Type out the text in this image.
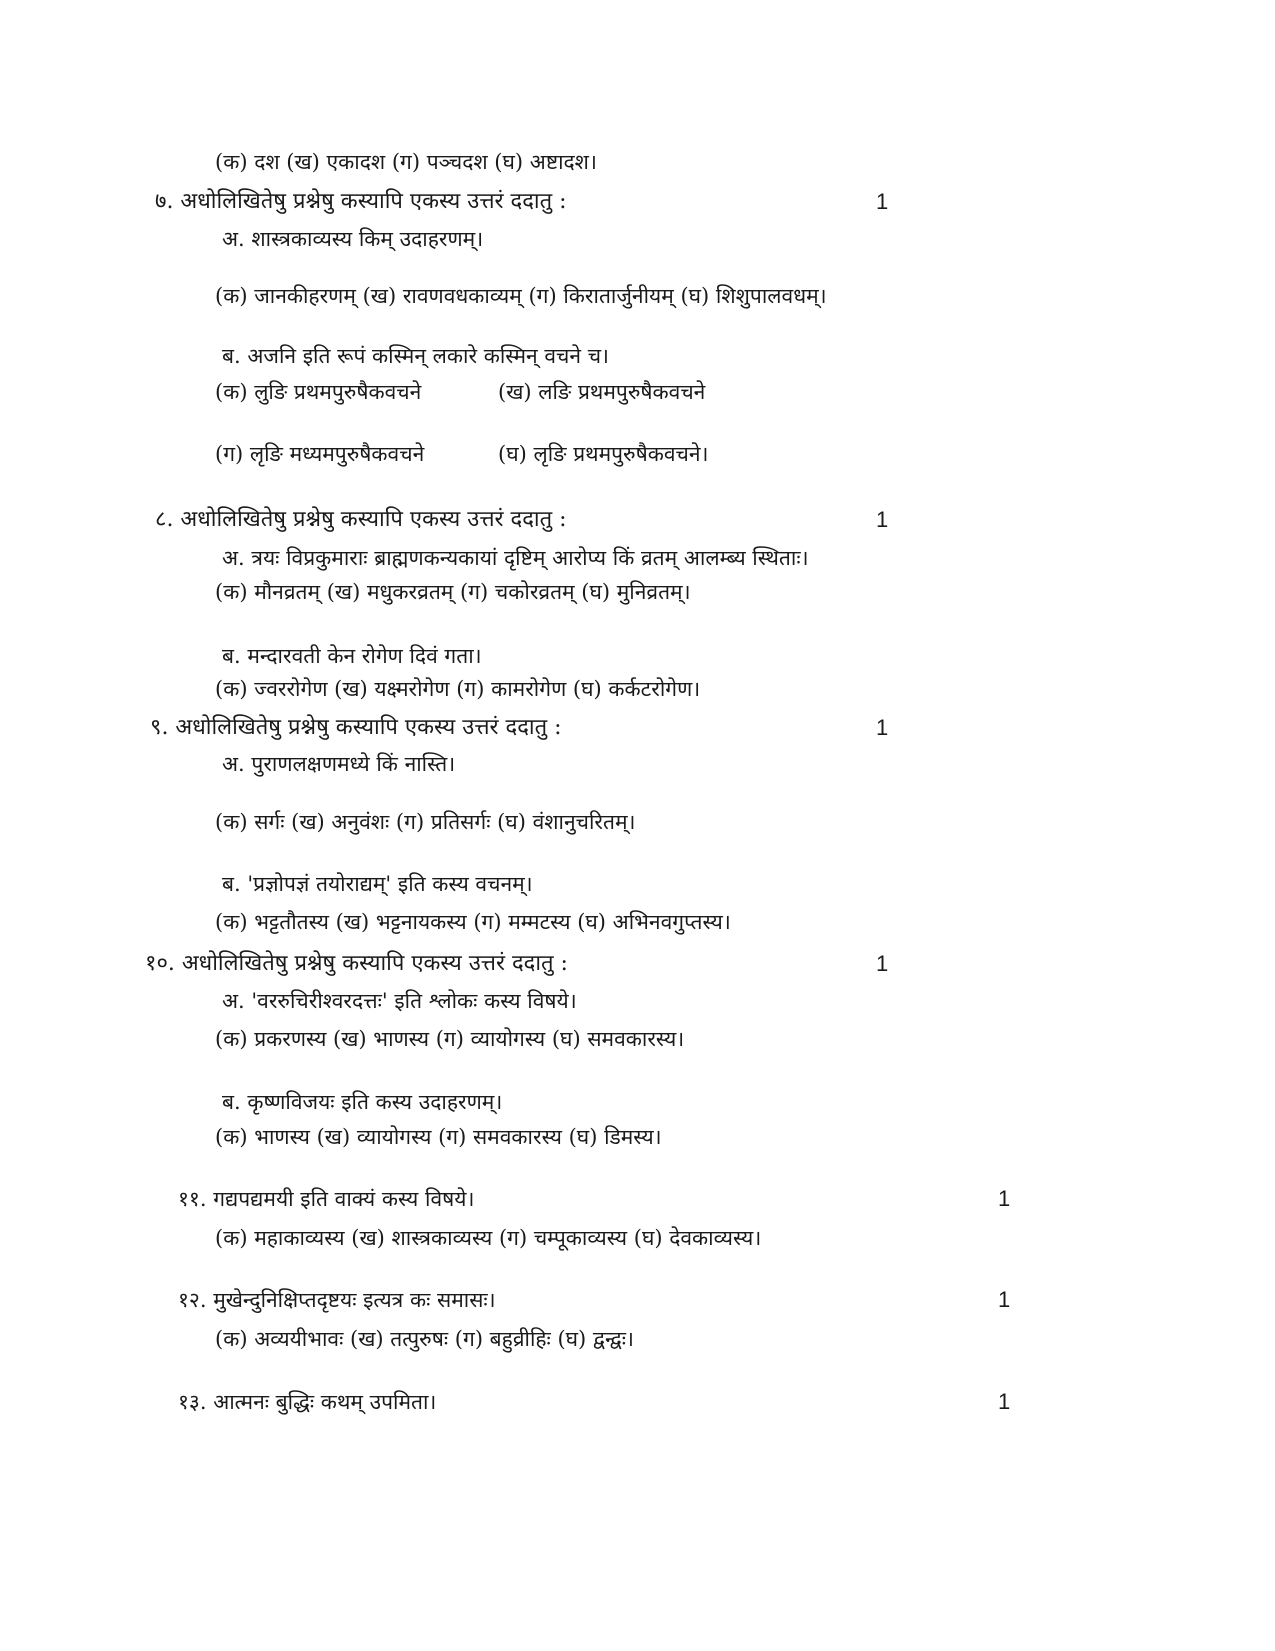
(क) दश (ख) एकादश (ग) पञ्चदश (घ) अष्टादश।
७. अधोलिखितेषु प्रश्नेषु कस्यापि एकस्य उत्तरं ददातु :	1
अ. शास्त्रकाव्यस्य किम् उदाहरणम्।
(क) जानकीहरणम् (ख) रावणवधकाव्यम् (ग) किरातार्जुनीयम् (घ) शिशुपालवधम्।
ब. अजनि इति रूपं कस्मिन् लकारे कस्मिन् वचने च।
(क) लुङि प्रथमपुरुषैकवचने	(ख) लङि प्रथमपुरुषैकवचने
(ग) लृङि मध्यमपुरुषैकवचने	(घ) लृङि प्रथमपुरुषैकवचने।
८. अधोलिखितेषु प्रश्नेषु कस्यापि एकस्य उत्तरं ददातु :	1
अ. त्रयः विप्रकुमाराः ब्राह्मणकन्यकायां दृष्टिम् आरोप्य किं व्रतम् आलम्ब्य स्थिताः।
(क) मौनव्रतम् (ख) मधुकरव्रतम् (ग) चकोरव्रतम् (घ) मुनिव्रतम्।
ब. मन्दारवती केन रोगेण दिवं गता।
(क) ज्वररोगेण (ख) यक्ष्मरोगेण (ग) कामरोगेण (घ) कर्कटरोगेण।
९. अधोलिखितेषु प्रश्नेषु कस्यापि एकस्य उत्तरं ददातु :	1
अ. पुराणलक्षणमध्ये किं नास्ति।
(क) सर्गः (ख) अनुवंशः (ग) प्रतिसर्गः (घ) वंशानुचरितम्।
ब. 'प्रज्ञोपज्ञं तयोराद्यम्' इति कस्य वचनम्।
(क) भट्टतौतस्य (ख) भट्टनायकस्य (ग) मम्मटस्य (घ) अभिनवगुप्तस्य।
१०. अधोलिखितेषु प्रश्नेषु कस्यापि एकस्य उत्तरं ददातु :	1
अ. 'वररुचिरीश्वरदत्तः' इति श्लोकः कस्य विषये।
(क) प्रकरणस्य (ख) भाणस्य (ग) व्यायोगस्य (घ) समवकारस्य।
ब. कृष्णविजयः इति कस्य उदाहरणम्।
(क) भाणस्य (ख) व्यायोगस्य (ग) समवकारस्य (घ) डिमस्य।
११. गद्यपद्यमयी इति वाक्यं कस्य विषये।	1
(क) महाकाव्यस्य (ख) शास्त्रकाव्यस्य (ग) चम्पूकाव्यस्य (घ) देवकाव्यस्य।
१२. मुखेन्दुनिक्षिप्तदृष्टयः इत्यत्र कः समासः।	1
(क) अव्ययीभावः (ख) तत्पुरुषः (ग) बहुव्रीहिः (घ) द्वन्द्वः।
१३. आत्मनः बुद्धिः कथम् उपमिता।	1
